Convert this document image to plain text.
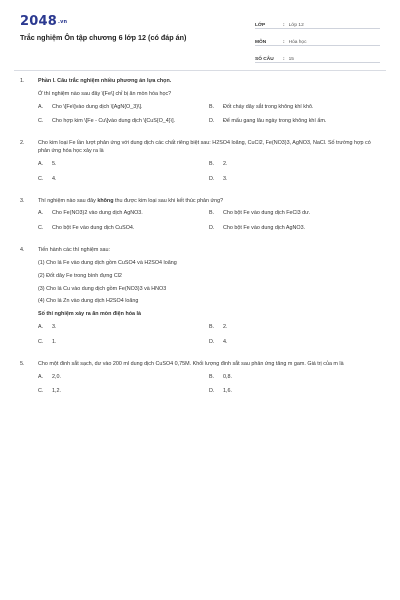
2048.vn
Trắc nghiệm Ôn tập chương 6 lớp 12 (có đáp án)
LỚP	: Lớp 12
MÔN	: Hóa học
SỐ CÂU	: 15
1.	Phần I. Câu trắc nghiệm nhiều phương án lựa chọn.
Ở thí nghiệm nào sau đây \[Fe\] chỉ bị ăn mòn hóa học?
A.	Cho \[Fe\]vào dung dịch \[AgN{O_3}\].	B.	Đốt cháy dây sắt trong không khí khô.
C.	Cho hợp kim \[Fe - Cu\]vào dung dịch \[CuS{O_4}\].	D.	Để mẩu gang lâu ngày trong không khí ẩm.
2.	Cho kim loại Fe lần lượt phản ứng với dung dịch các chất riêng biệt sau: H2SO4 loãng, CuCl2, Fe(NO3)3, AgNO3, NaCl. Số trường hợp có phản ứng hóa học xảy ra là
A.	5.	B.	2.
C.	4.	D.	3.
3.	Thí nghiệm nào sau đây không thu được kim loại sau khi kết thúc phản ứng?
A.	Cho Fe(NO3)2 vào dung dịch AgNO3.	B.	Cho bột Fe vào dung dịch FeCl3 dư.
C.	Cho bột Fe vào dung dịch CuSO4.	D.	Cho bột Fe vào dung dịch AgNO3.
4.	Tiến hành các thí nghiệm sau:
(1) Cho lá Fe vào dung dịch gồm CuSO4 và H2SO4 loãng
(2) Đốt dây Fe trong bình đựng Cl2
(3) Cho lá Cu vào dung dịch gồm Fe(NO3)3 và HNO3
(4) Cho lá Zn vào dung dịch H2SO4 loãng
Số thí nghiệm xảy ra ăn mòn điện hóa là
A.	3.	B.	2.
C.	1.	D.	4.
5.	Cho một đinh sắt sạch, dư vào 200 ml dung dịch CuSO4 0,75M. Khối lượng đinh sắt sau phản ứng tăng m gam. Giá trị của m là
A.	2,0.	B.	0,8.
C.	1,2.	D.	1,6.
